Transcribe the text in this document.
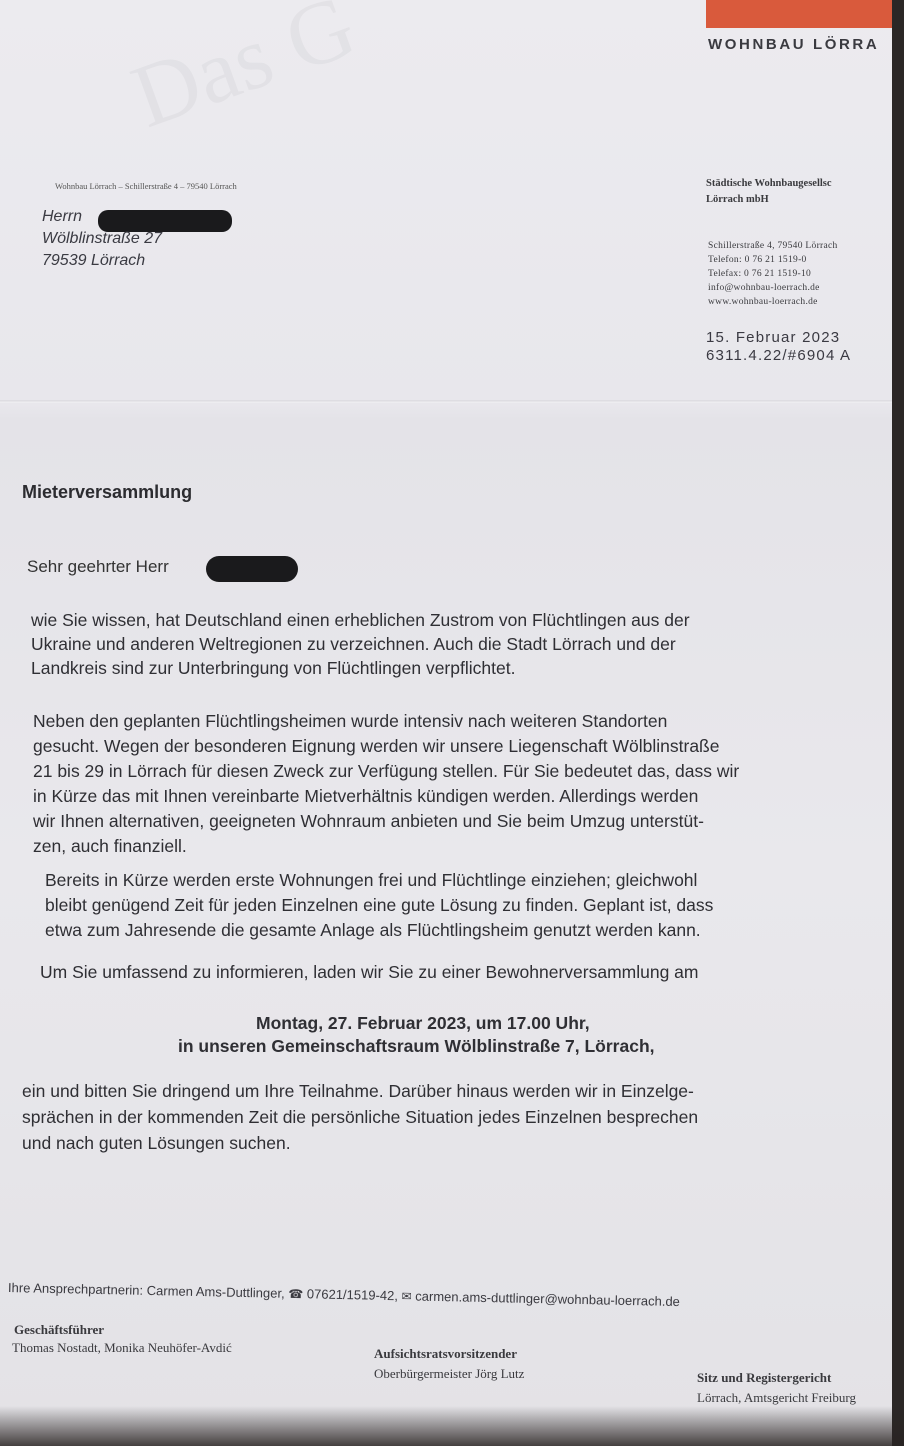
WOHNBAU LÖRRA
Wohnbau Lörrach – Schillerstraße 4 – 79540 Lörrach
Herrn
Wölblinstraße 27
79539 Lörrach
Städtische Wohnbaugesellsc
Lörrach mbH
Schillerstraße 4, 79540 Lörrach
Telefon: 0 76 21 1519-0
Telefax: 0 76 21 1519-10
info@wohnbau-loerrach.de
www.wohnbau-loerrach.de
15. Februar 2023
6311.4.22/#6904 A
Mieterversammlung
Sehr geehrter Herr
wie Sie wissen, hat Deutschland einen erheblichen Zustrom von Flüchtlingen aus der
Ukraine und anderen Weltregionen zu verzeichnen. Auch die Stadt Lörrach und der
Landkreis sind zur Unterbringung von Flüchtlingen verpflichtet.
Neben den geplanten Flüchtlingsheimen wurde intensiv nach weiteren Standorten
gesucht. Wegen der besonderen Eignung werden wir unsere Liegenschaft Wölblinstraße
21 bis 29 in Lörrach für diesen Zweck zur Verfügung stellen. Für Sie bedeutet das, dass wir
in Kürze das mit Ihnen vereinbarte Mietverhältnis kündigen werden. Allerdings werden
wir Ihnen alternativen, geeigneten Wohnraum anbieten und Sie beim Umzug unterstüt-
zen, auch finanziell.
Bereits in Kürze werden erste Wohnungen frei und Flüchtlinge einziehen; gleichwohl
bleibt genügend Zeit für jeden Einzelnen eine gute Lösung zu finden. Geplant ist, dass
etwa zum Jahresende die gesamte Anlage als Flüchtlingsheim genutzt werden kann.
Um Sie umfassend zu informieren, laden wir Sie zu einer Bewohnerversammlung am
Montag, 27. Februar 2023, um 17.00 Uhr,
in unseren Gemeinschaftsraum Wölblinstraße 7, Lörrach,
ein und bitten Sie dringend um Ihre Teilnahme. Darüber hinaus werden wir in Einzelge-
sprächen in der kommenden Zeit die persönliche Situation jedes Einzelnen besprechen
und nach guten Lösungen suchen.
Ihre Ansprechpartnerin: Carmen Ams-Duttlinger, ☎ 07621/1519-42, ✉ carmen.ams-duttlinger@wohnbau-loerrach.de
Geschäftsführer
Thomas Nostadt, Monika Neuhöfer-Avdić	Aufsichtsratsvorsitzender
Oberbürgermeister Jörg Lutz	Sitz und Registergericht
Lörrach, Amtsgericht Freiburg
